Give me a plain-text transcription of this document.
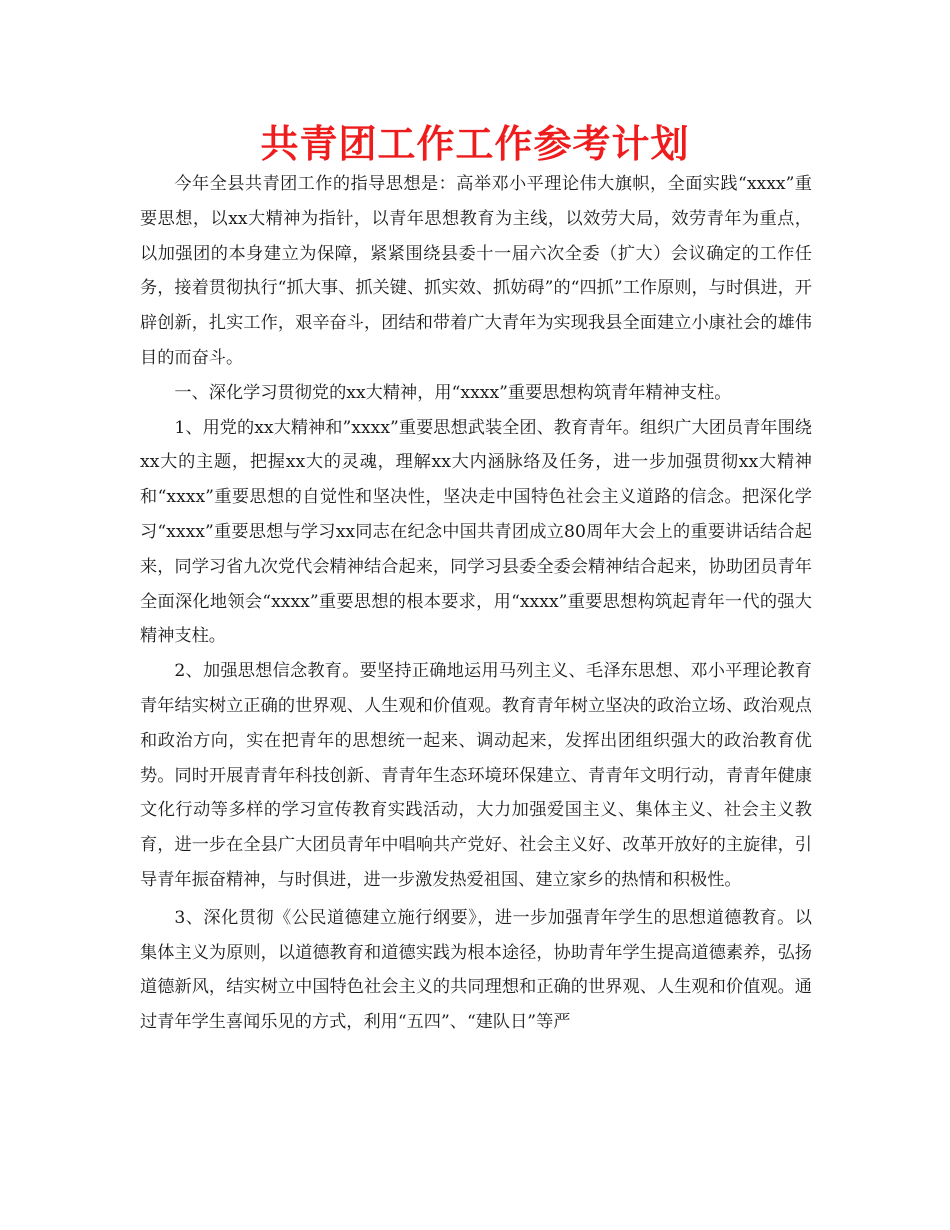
共青团工作工作参考计划

今年全县共青团工作的指导思想是：高举邓小平理论伟大旗帜，全面实践“xxxx”重要思想，以xx大精神为指针，以青年思想教育为主线，以效劳大局，效劳青年为重点，以加强团的本身建立为保障，紧紧围绕县委十一届六次全委（扩大）会议确定的工作任务，接着贯彻执行“抓大事、抓关键、抓实效、抓妨碍”的“四抓”工作原则，与时俱进，开辟创新，扎实工作，艰辛奋斗，团结和带着广大青年为实现我县全面建立小康社会的雄伟目的而奋斗。

一、深化学习贯彻党的xx大精神，用“xxxx”重要思想构筑青年精神支柱。

1、用党的xx大精神和”xxxx”重要思想武装全团、教育青年。组织广大团员青年围绕xx大的主题，把握xx大的灵魂，理解xx大内涵脉络及任务，进一步加强贯彻xx大精神和“xxxx”重要思想的自觉性和坚决性，坚决走中国特色社会主义道路的信念。把深化学习“xxxx”重要思想与学习xx同志在纪念中国共青团成立80周年大会上的重要讲话结合起来，同学习省九次党代会精神结合起来，同学习县委全委会精神结合起来，协助团员青年全面深化地领会“xxxx”重要思想的根本要求，用“xxxx”重要思想构筑起青年一代的强大精神支柱。

2、加强思想信念教育。要坚持正确地运用马列主义、毛泽东思想、邓小平理论教育青年结实树立正确的世界观、人生观和价值观。教育青年树立坚决的政治立场、政治观点和政治方向，实在把青年的思想统一起来、调动起来，发挥出团组织强大的政治教育优势。同时开展青青年科技创新、青青年生态环境环保建立、青青年文明行动，青青年健康文化行动等多样的学习宣传教育实践活动，大力加强爱国主义、集体主义、社会主义教育，进一步在全县广大团员青年中唱响共产党好、社会主义好、改革开放好的主旋律，引导青年振奋精神，与时俱进，进一步激发热爱祖国、建立家乡的热情和积极性。

3、深化贯彻《公民道德建立施行纲要》，进一步加强青年学生的思想道德教育。以集体主义为原则，以道德教育和道德实践为根本途径，协助青年学生提高道德素养，弘扬道德新风，结实树立中国特色社会主义的共同理想和正确的世界观、人生观和价值观。通过青年学生喜闻乐见的方式，利用“五四”、“建队日”等严
